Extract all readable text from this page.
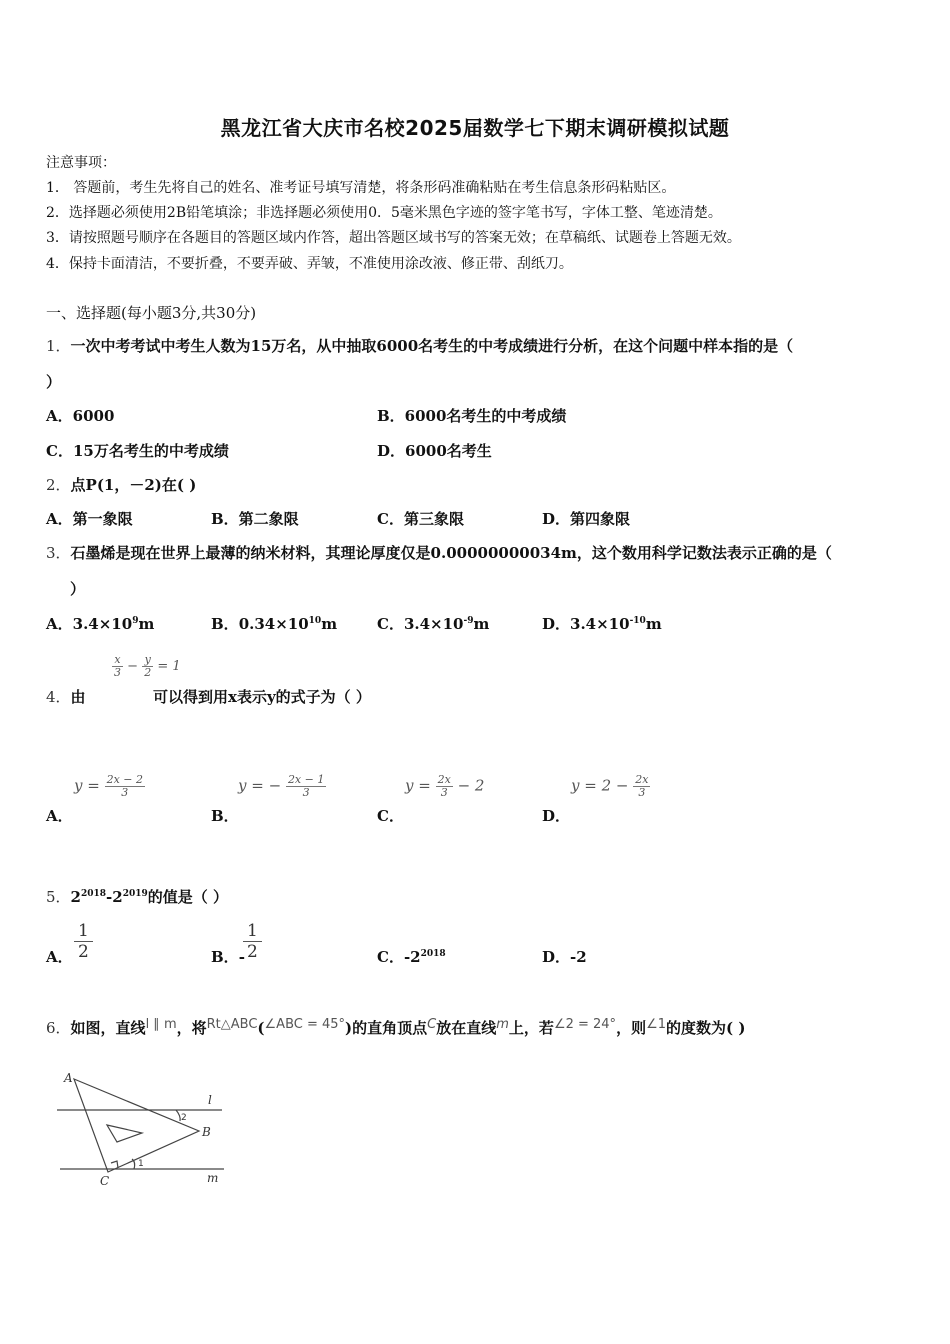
黑龙江省大庆市名校2025届数学七下期末调研模拟试题
注意事项：
1． 答题前，考生先将自己的姓名、准考证号填写清楚，将条形码准确粘贴在考生信息条形码粘贴区。
2．选择题必须使用2B铅笔填涂；非选择题必须使用0．5毫米黑色字迹的签字笔书写，字体工整、笔迹清楚。
3．请按照题号顺序在各题目的答题区域内作答，超出答题区域书写的答案无效；在草稿纸、试题卷上答题无效。
4．保持卡面清洁，不要折叠，不要弄破、弄皱，不准使用涂改液、修正带、刮纸刀。
一、选择题(每小题3分,共30分)
1．一次中考考试中考生人数为15万名，从中抽取6000名考生的中考成绩进行分析，在这个问题中样本指的是（
）
A．6000	B．6000名考生的中考成绩
C．15万名考生的中考成绩	D．6000名考生
2．点P(1，－2)在( )
A．第一象限	B．第二象限	C．第三象限	D．第四象限
3．石墨烯是现在世界上最薄的纳米材料，其理论厚度仅是0.00000000034m，这个数用科学记数法表示正确的是（
）
A．$3.4\times 10^9m$	B．$0.34\times 10^{10}m$	C．$3.4\times 10^{-9}m$	D．$3.4\times 10^{-10}m$
$\frac{x}{3} - \frac{y}{2} = 1$
4．由	可以得到用x表示y的式子为（ ）
$y = \frac{2x - 2}{3}$	y = − $\frac{2x - 1}{3}$	$y = \frac{2x}{3} - 2$	$y = 2 - \frac{2x}{3}$
A．	B．	C．	D．
5．$2^{2018}-2^{2019}$的值是（ ）
A． $\frac{1}{2}$	B．-
$\frac{1}{2}$	C．$-2^{2018}$	D．-2
6．如图，直线l ∥ m，将Rt△ABC(∠ABC = 45°)的直角顶点C放在直线m上，若∠2 = 24°，则∠1的度数为( )
A
B
C
l
m
2
1
